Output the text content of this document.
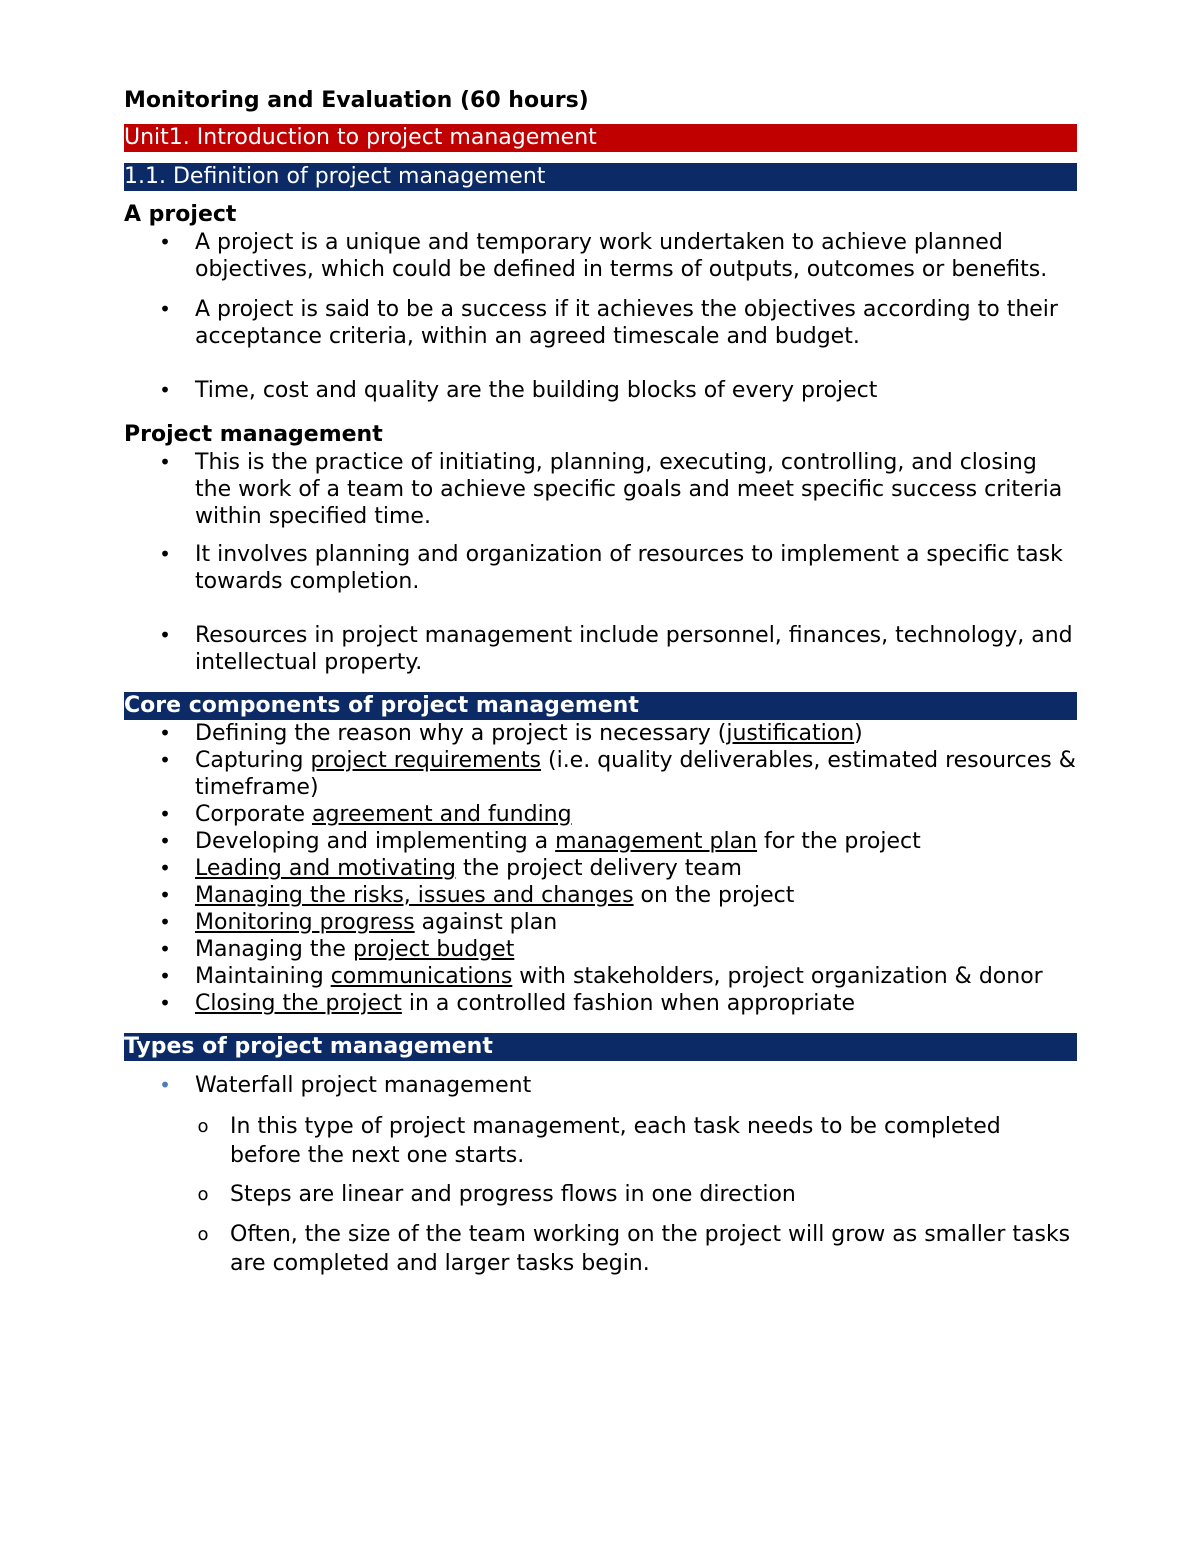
Monitoring and Evaluation (60 hours)
Unit1. Introduction to project management
1.1. Definition of project management
A project
• A project is a unique and temporary work undertaken to achieve planned objectives, which could be defined in terms of outputs, outcomes or benefits.
• A project is said to be a success if it achieves the objectives according to their acceptance criteria, within an agreed timescale and budget.
• Time, cost and quality are the building blocks of every project
Project management
• This is the practice of initiating, planning, executing, controlling, and closing the work of a team to achieve specific goals and meet specific success criteria within specified time.
• It involves planning and organization of resources to implement a specific task towards completion.
• Resources in project management include personnel, finances, technology, and intellectual property.
Core components of project management
• Defining the reason why a project is necessary (justification)
• Capturing project requirements (i.e. quality deliverables, estimated resources & timeframe)
• Corporate agreement and funding
• Developing and implementing a management plan for the project
• Leading and motivating the project delivery team
• Managing the risks, issues and changes on the project
• Monitoring progress against plan
• Managing the project budget
• Maintaining communications with stakeholders, project organization & donor
• Closing the project in a controlled fashion when appropriate
Types of project management
• Waterfall project management
o In this type of project management, each task needs to be completed before the next one starts.
o Steps are linear and progress flows in one direction
o Often, the size of the team working on the project will grow as smaller tasks are completed and larger tasks begin.
